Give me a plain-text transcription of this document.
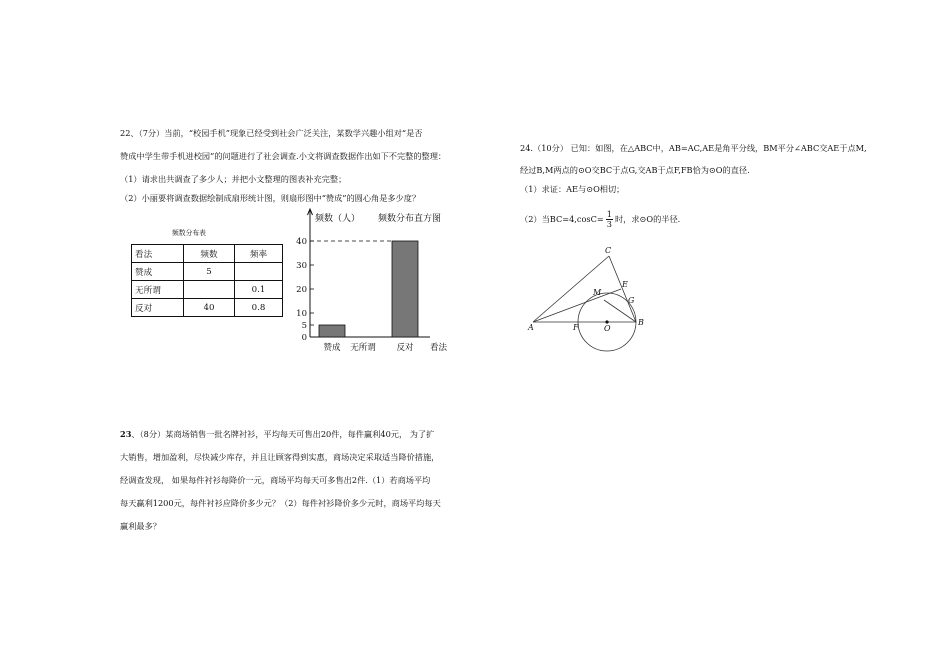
22、（7分）当前，“校园手机”现象已经受到社会广泛关注，某数学兴趣小组对“是否
赞成中学生带手机进校园”的问题进行了社会调查.小文将调查数据作出如下不完整的整理：
（1）请求出共调查了多少人；并把小文整理的图表补充完整；
（2）小丽要将调查数据绘制成扇形统计图，则扇形图中“赞成”的圆心角是多少度？
频数分布表
看法	频数	频率
赞成	5	
无所谓		0.1
反对	40	0.8
0
5
10
20
30
40
赞成 无所谓 反对
频数（人） 频数分布直方图
看法
23、（8分）某商场销售一批名牌衬衫，平均每天可售出20件，每件赢利40元， 为了扩
大销售，增加盈利，尽快减少库存，并且让顾客得到实惠，商场决定采取适当降价措施，
经调查发现， 如果每件衬衫每降价一元，商场平均每天可多售出2件.（1）若商场平均
每天赢利1200元，每件衬衫应降价多少元？（2）每件衬衫降价多少元时，商场平均每天
赢利最多？
24.（10分） 已知：如图，在△ABC中，AB=AC,AE是角平分线，BM平分∠ABC交AE于点M,
经过B,M两点的⊙O交BC于点G,交AB于点F,FB恰为⊙O的直径.
（1）求证：AE与⊙O相切；
（2）当$BC=4,\cos C= \frac{1}{3}$ 时，求⊙O的半径.
A
B
C
E
F
G
M
O
